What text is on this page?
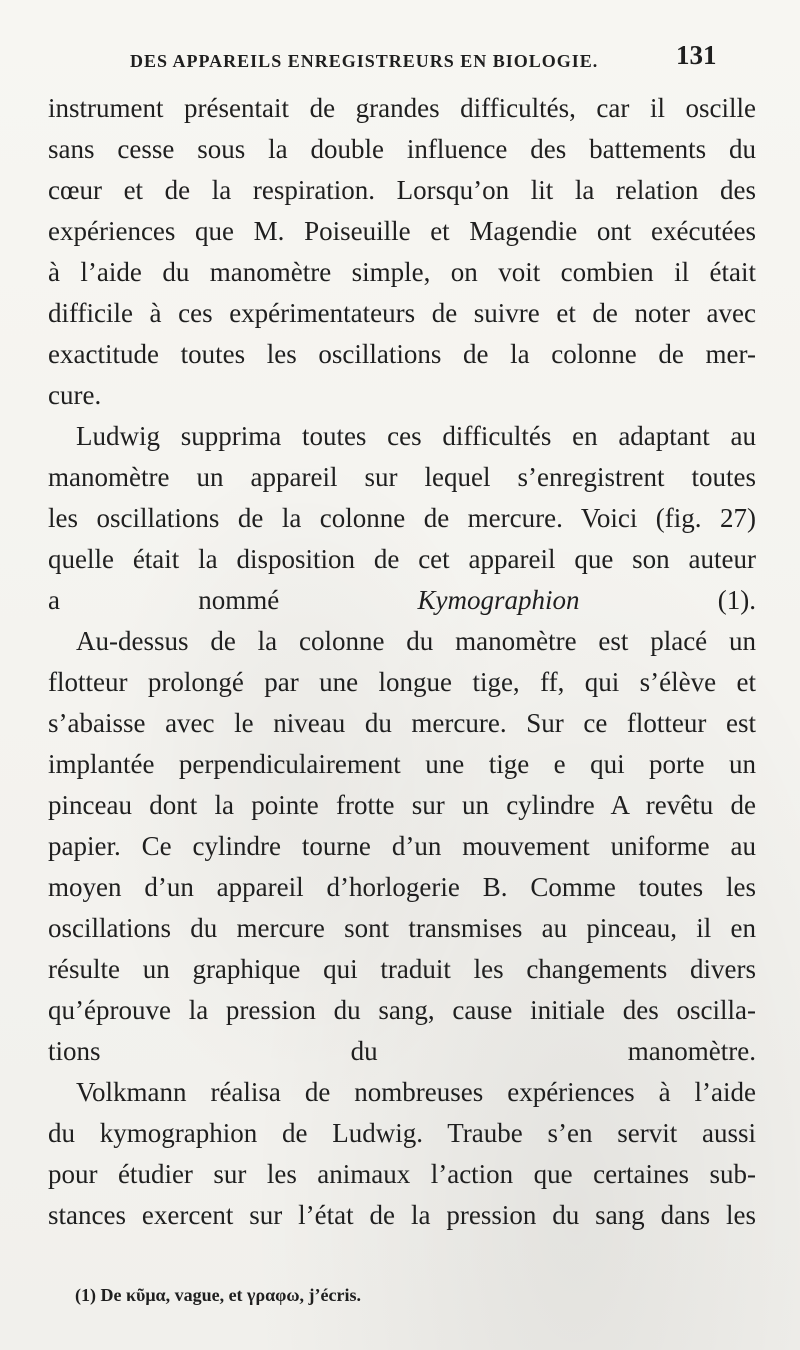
DES APPAREILS ENREGISTREURS EN BIOLOGIE.	131
instrument présentait de grandes difficultés, car il oscille
sans cesse sous la double influence des battements du
cœur et de la respiration. Lorsqu’on lit la relation des
expériences que M. Poiseuille et Magendie ont exécutées
à l’aide du manomètre simple, on voit combien il était
difficile à ces expérimentateurs de suivre et de noter avec
exactitude toutes les oscillations de la colonne de mer-
cure.
Ludwig supprima toutes ces difficultés en adaptant au
manomètre un appareil sur lequel s’enregistrent toutes
les oscillations de la colonne de mercure. Voici (fig. 27)
quelle était la disposition de cet appareil que son auteur
a nommé Kymographion (1).
Au-dessus de la colonne du manomètre est placé un
flotteur prolongé par une longue tige, ff, qui s’élève et
s’abaisse avec le niveau du mercure. Sur ce flotteur est
implantée perpendiculairement une tige e qui porte un
pinceau dont la pointe frotte sur un cylindre A revêtu de
papier. Ce cylindre tourne d’un mouvement uniforme au
moyen d’un appareil d’horlogerie B. Comme toutes les
oscillations du mercure sont transmises au pinceau, il en
résulte un graphique qui traduit les changements divers
qu’éprouve la pression du sang, cause initiale des oscilla-
tions du manomètre.
Volkmann réalisa de nombreuses expériences à l’aide
du kymographion de Ludwig. Traube s’en servit aussi
pour étudier sur les animaux l’action que certaines sub-
stances exercent sur l’état de la pression du sang dans les
(1) De κῦμα, vague, et γραφω, j’écris.
